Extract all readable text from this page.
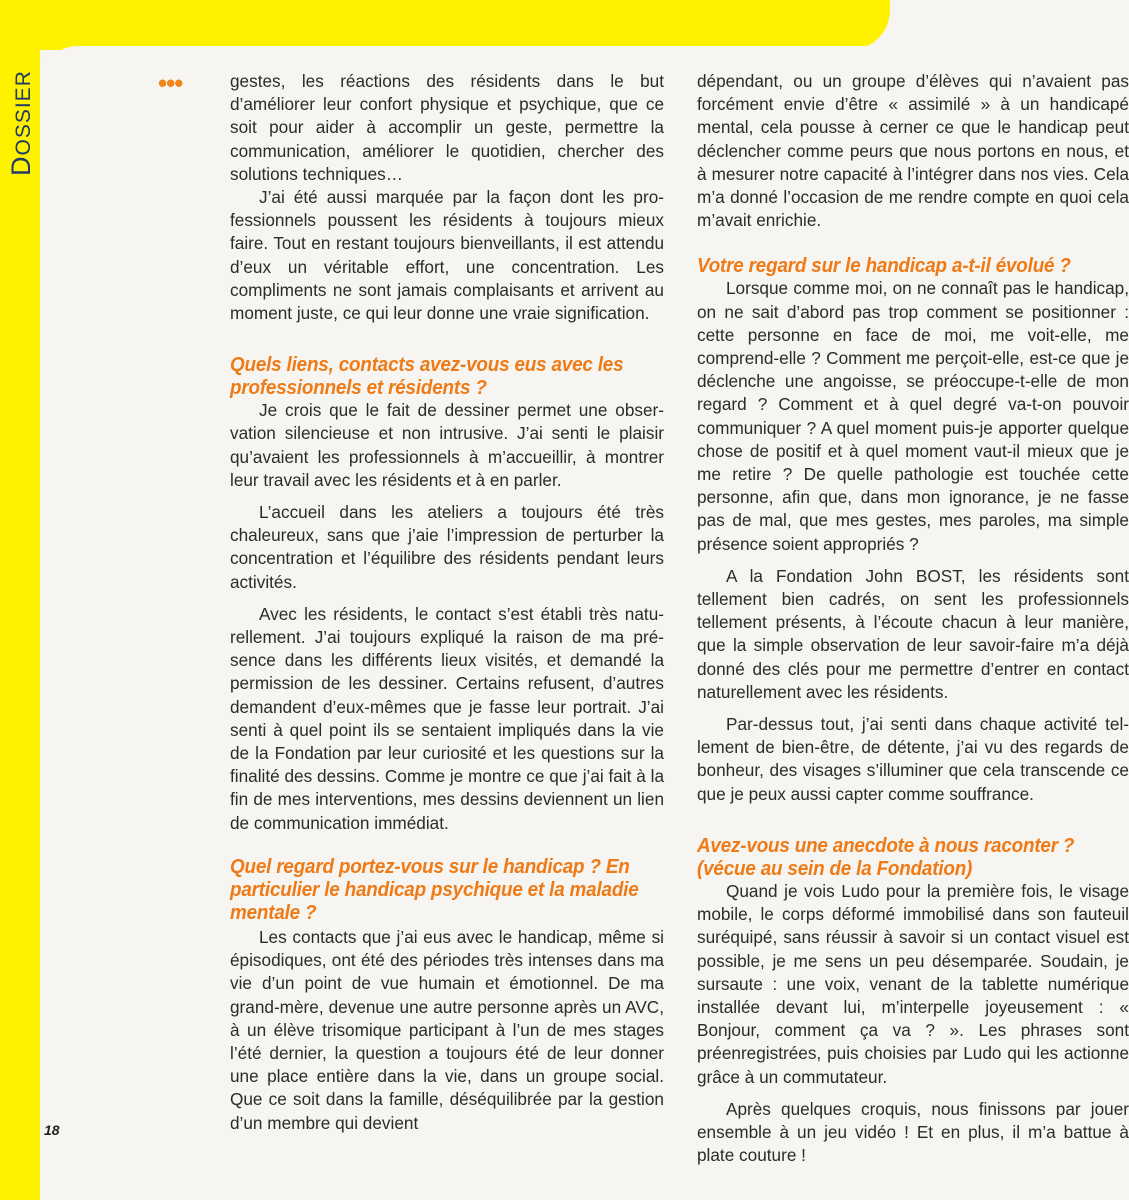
DOSSIER	•••
18

gestes, les réactions des résidents dans le but d’améliorer leur confort physique et psychique, que ce soit pour aider à accomplir un geste, permettre la communication, améliorer le quotidien, chercher des solutions techniques…

J’ai été aussi marquée par la façon dont les professionnels poussent les résidents à toujours mieux faire. Tout en restant toujours bienveillants, il est attendu d’eux un véritable effort, une concentration. Les compliments ne sont jamais complaisants et arrivent au moment juste, ce qui leur donne une vraie signification.

Quels liens, contacts avez-vous eus avec les professionnels et résidents ?

Je crois que le fait de dessiner permet une observation silencieuse et non intrusive. J’ai senti le plaisir qu’avaient les professionnels à m’accueillir, à montrer leur travail avec les résidents et à en parler.

L’accueil dans les ateliers a toujours été très chaleureux, sans que j’aie l’impression de perturber la concentration et l’équilibre des résidents pendant leurs activités.

Avec les résidents, le contact s’est établi très naturellement. J’ai toujours expliqué la raison de ma présence dans les différents lieux visités, et demandé la permission de les dessiner. Certains refusent, d’autres demandent d’eux-mêmes que je fasse leur portrait. J’ai senti à quel point ils se sentaient impliqués dans la vie de la Fondation par leur curiosité et les questions sur la finalité des dessins. Comme je montre ce que j’ai fait à la fin de mes interventions, mes dessins deviennent un lien de communication immédiat.

Quel regard portez-vous sur le handicap ? En particulier le handicap psychique et la maladie mentale ?

Les contacts que j’ai eus avec le handicap, même si épisodiques, ont été des périodes très intenses dans ma vie d’un point de vue humain et émotionnel. De ma grand-mère, devenue une autre personne après un AVC, à un élève trisomique participant à l’un de mes stages l’été dernier, la question a toujours été de leur donner une place entière dans la vie, dans un groupe social. Que ce soit dans la famille, déséquilibrée par la gestion d’un membre qui devient

dépendant, ou un groupe d’élèves qui n’avaient pas forcément envie d’être « assimilé » à un handicapé mental, cela pousse à cerner ce que le handicap peut déclencher comme peurs que nous portons en nous, et à mesurer notre capacité à l’intégrer dans nos vies. Cela m’a donné l’occasion de me rendre compte en quoi cela m’avait enrichie.

Votre regard sur le handicap a-t-il évolué ?

Lorsque comme moi, on ne connaît pas le handicap, on ne sait d’abord pas trop comment se positionner : cette personne en face de moi, me voit-elle, me comprend-elle ? Comment me perçoit-elle, est-ce que je déclenche une angoisse, se préoccupe-t-elle de mon regard ? Comment et à quel degré va-t-on pouvoir communiquer ? A quel moment puis-je apporter quelque chose de positif et à quel moment vaut-il mieux que je me retire ? De quelle pathologie est touchée cette personne, afin que, dans mon ignorance, je ne fasse pas de mal, que mes gestes, mes paroles, ma simple présence soient appropriés ?

A la Fondation John BOST, les résidents sont tellement bien cadrés, on sent les professionnels tellement présents, à l’écoute chacun à leur manière, que la simple observation de leur savoir-faire m’a déjà donné des clés pour me permettre d’entrer en contact naturellement avec les résidents.

Par-dessus tout, j’ai senti dans chaque activité tellement de bien-être, de détente, j’ai vu des regards de bonheur, des visages s’illuminer que cela transcende ce que je peux aussi capter comme souffrance.

Avez-vous une anecdote à nous raconter ? (vécue au sein de la Fondation)

Quand je vois Ludo pour la première fois, le visage mobile, le corps déformé immobilisé dans son fauteuil suréquipé, sans réussir à savoir si un contact visuel est possible, je me sens un peu désemparée. Soudain, je sursaute : une voix, venant de la tablette numérique installée devant lui, m’interpelle joyeusement : « Bonjour, comment ça va ? ». Les phrases sont préenregistrées, puis choisies par Ludo qui les actionne grâce à un commutateur.

Après quelques croquis, nous finissons par jouer ensemble à un jeu vidéo ! Et en plus, il m’a battue à plate couture !
